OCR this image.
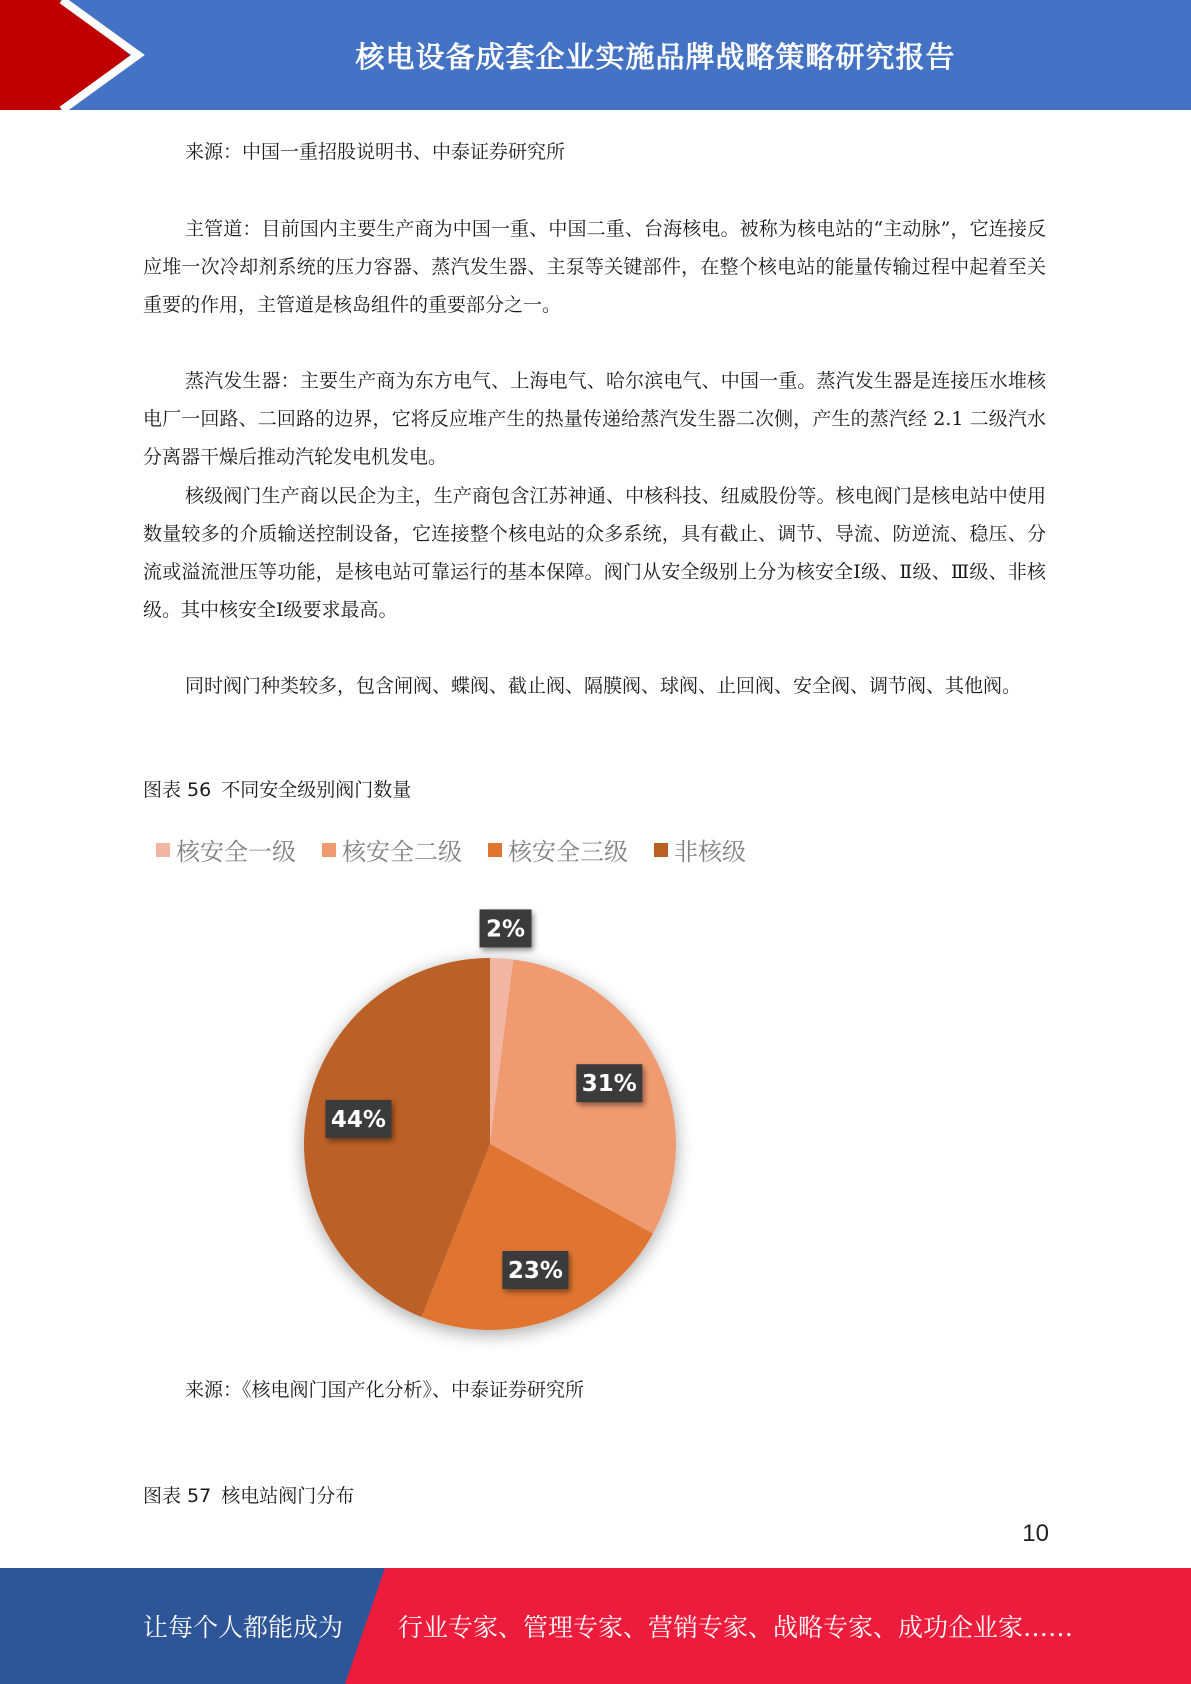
核电设备成套企业实施品牌战略策略研究报告
来源：中国一重招股说明书、中泰证券研究所
主管道：目前国内主要生产商为中国一重、中国二重、台海核电。被称为核电站的“主动脉”，它连接反应堆一次冷却剂系统的压力容器、蒸汽发生器、主泵等关键部件，在整个核电站的能量传输过程中起着至关重要的作用，主管道是核岛组件的重要部分之一。
蒸汽发生器：主要生产商为东方电气、上海电气、哈尔滨电气、中国一重。蒸汽发生器是连接压水堆核电厂一回路、二回路的边界，它将反应堆产生的热量传递给蒸汽发生器二次侧，产生的蒸汽经 2.1 二级汽水分离器干燥后推动汽轮发电机发电。
核级阀门生产商以民企为主，生产商包含江苏神通、中核科技、纽威股份等。核电阀门是核电站中使用数量较多的介质输送控制设备，它连接整个核电站的众多系统，具有截止、调节、导流、防逆流、稳压、分流或溢流泄压等功能，是核电站可靠运行的基本保障。阀门从安全级别上分为核安全Ⅰ级、Ⅱ级、Ⅲ级、非核级。其中核安全Ⅰ级要求最高。
同时阀门种类较多，包含闸阀、蝶阀、截止阀、隔膜阀、球阀、止回阀、安全阀、调节阀、其他阀。
图表 56 不同安全级别阀门数量
核安全一级 核安全二级 核安全三级 非核级
2%
31%
23%
44%
来源：《核电阀门国产化分析》、中泰证券研究所
图表 57 核电站阀门分布
10
让每个人都能成为 行业专家、管理专家、营销专家、战略专家、成功企业家……
